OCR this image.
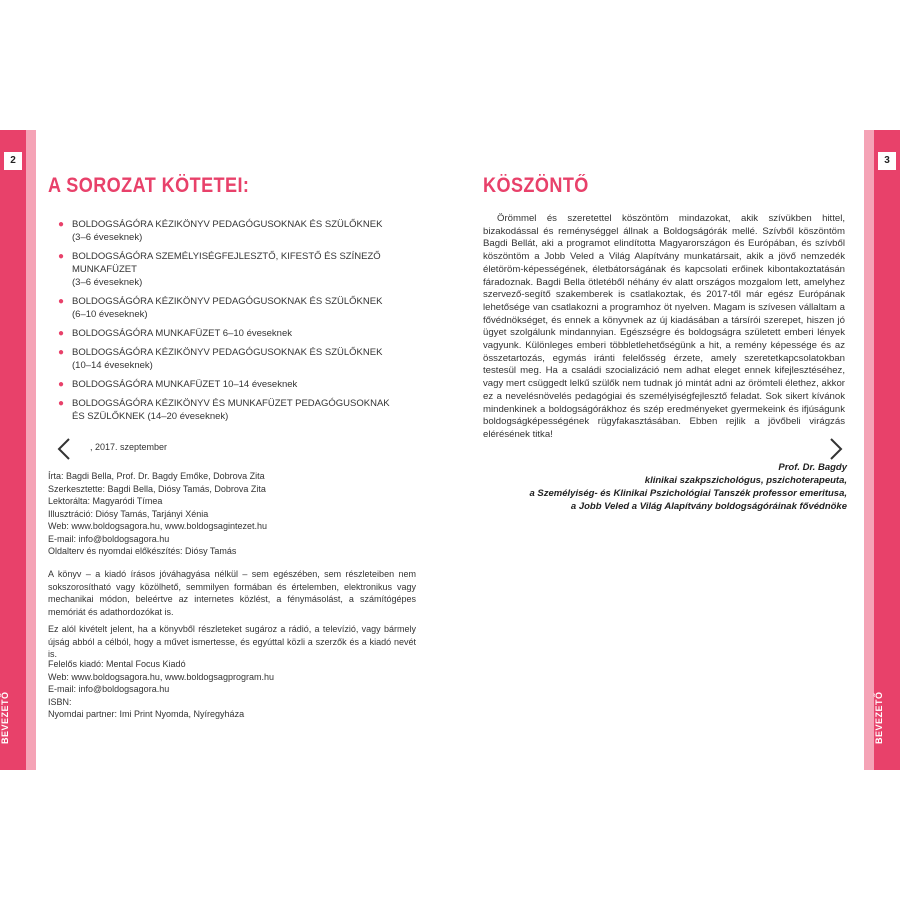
2	3
BEVEZETŐ	BEVEZETŐ
A SOROZAT KÖTETEI:
● BOLDOGSÁGÓRA KÉZIKÖNYV PEDAGÓGUSOKNAK ÉS SZÜLŐKNEK
(3–6 éveseknek)
● BOLDOGSÁGÓRA SZEMÉLYISÉGFEJLESZTŐ, KIFESTŐ ÉS SZÍNEZŐ MUNKAFÜZET
(3–6 éveseknek)
● BOLDOGSÁGÓRA KÉZIKÖNYV PEDAGÓGUSOKNAK ÉS SZÜLŐKNEK
(6–10 éveseknek)
● BOLDOGSÁGÓRA MUNKAFÜZET 6–10 éveseknek
● BOLDOGSÁGÓRA KÉZIKÖNYV PEDAGÓGUSOKNAK ÉS SZÜLŐKNEK
(10–14 éveseknek)
● BOLDOGSÁGÓRA MUNKAFÜZET 10–14 éveseknek
● BOLDOGSÁGÓRA KÉZIKÖNYV ÉS MUNKAFÜZET PEDAGÓGUSOKNAK
ÉS SZÜLŐKNEK (14–20 éveseknek)
, 2017. szeptember
Írta: Bagdi Bella, Prof. Dr. Bagdy Emőke, Dobrova Zita
Szerkesztette: Bagdi Bella, Diósy Tamás, Dobrova Zita
Lektorálta: Magyaródi Tímea
Illusztráció: Diósy Tamás, Tarjányi Xénia
Web: www.boldogsagora.hu, www.boldogsagintezet.hu
E-mail: info@boldogsagora.hu
Oldalterv és nyomdai előkészítés: Diósy Tamás

A könyv – a kiadó írásos jóváhagyása nélkül – sem egészében, sem részleteiben nem sokszorosítható vagy közölhető, semmilyen formában és értelemben, elektronikus vagy mechanikai módon, beleértve az internetes közlést, a fénymásolást, a számítógépes memóriát és adathordozókat is.

Ez alól kivételt jelent, ha a könyvből részleteket sugároz a rádió, a televízió, vagy bármely újság abból a célból, hogy a művet ismertesse, és egyúttal közli a szerzők és a kiadó nevét is.

Felelős kiadó: Mental Focus Kiadó
Web: www.boldogsagora.hu, www.boldogsagprogram.hu
E-mail: info@boldogsagora.hu
ISBN:
Nyomdai partner: Imi Print Nyomda, Nyíregyháza
KÖSZÖNTŐ
Örömmel és szeretettel köszöntöm mindazokat, akik szívükben hittel, bizakodással és reménységgel állnak a Boldogságórák mellé. Szívből köszöntöm Bagdi Bellát, aki a programot elindította Magyarországon és Európában, és szívből köszöntöm a Jobb Veled a Világ Alapítvány munkatársait, akik a jövő nemzedék életöröm-képességének, életbátorságának és kapcsolati erőinek kibontakoztatásán fáradoznak. Bagdi Bella ötletéből néhány év alatt országos mozgalom lett, amelyhez szervező-segítő szakemberek is csatlakoztak, és 2017-től már egész Európának lehetősége van csatlakozni a programhoz öt nyelven. Magam is szívesen vállaltam a fővédnökséget, és ennek a könyvnek az új kiadásában a társírói szerepet, hiszen jó ügyet szolgálunk mindannyian. Egészségre és boldogságra született emberi lények vagyunk. Különleges emberi többletlehetőségünk a hit, a remény képessége és az összetartozás, egymás iránti felelősség érzete, amely szeretetkapcsolatokban testesül meg. Ha a családi szocializáció nem adhat eleget ennek kifejlesztéséhez, vagy mert csüggedt lelkű szülők nem tudnak jó mintát adni az örömteli élethez, akkor ez a nevelésnövelés pedagógiai és személyiségfejlesztő feladat. Sok sikert kívánok mindenkinek a boldogságórákhoz és szép eredményeket gyermekeink és ifjúságunk boldogságképességének rügyfakasztásában. Ebben rejlik a jövőbeli virágzás elérésének titka!
Prof. Dr. Bagdy
klinikai szakpszichológus, pszichoterapeuta,
a Személyiség- és Klinikai Pszichológiai Tanszék professor emeritusa,
a Jobb Veled a Világ Alapítvány boldogságóráinak fővédnöke
